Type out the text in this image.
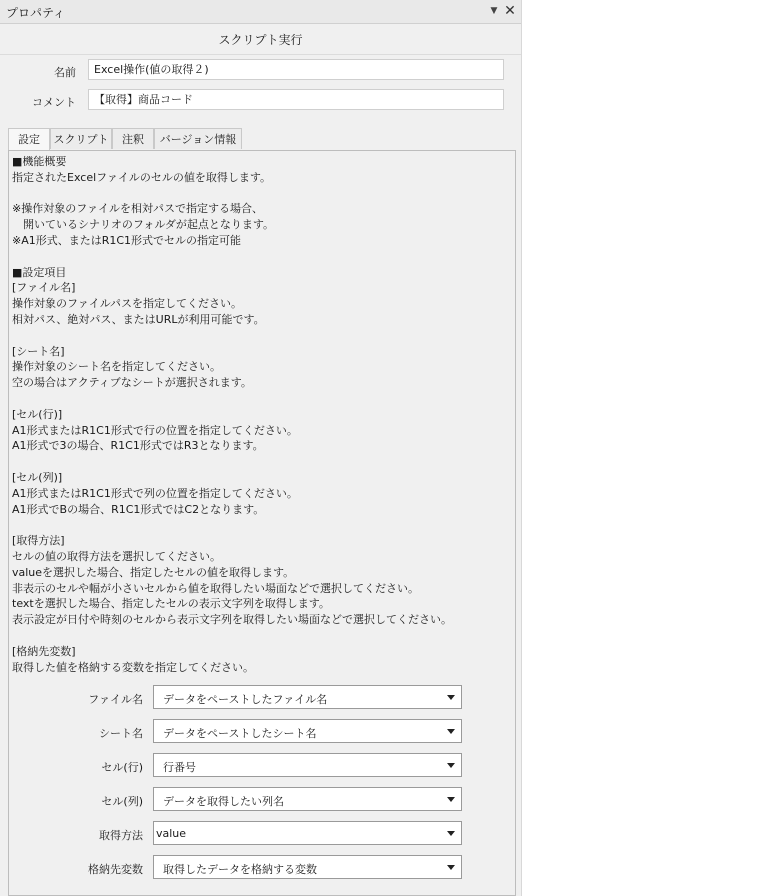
プロパティ	▼ ✕
スクリプト実行
名前	Excel操作(値の取得２)
コメント	【取得】商品コード
設定	スクリプト	注釈	バージョン情報
■機能概要
指定されたExcelファイルのセルの値を取得します。
※操作対象のファイルを相対パスで指定する場合、
　開いているシナリオのフォルダが起点となります。
※A1形式、またはR1C1形式でセルの指定可能
■設定項目
[ファイル名]
操作対象のファイルパスを指定してください。
相対パス、絶対パス、またはURLが利用可能です。
[シート名]
操作対象のシート名を指定してください。
空の場合はアクティブなシートが選択されます。
[セル(行)]
A1形式またはR1C1形式で行の位置を指定してください。
A1形式で3の場合、R1C1形式ではR3となります。
[セル(列)]
A1形式またはR1C1形式で列の位置を指定してください。
A1形式でBの場合、R1C1形式ではC2となります。
[取得方法]
セルの値の取得方法を選択してください。
valueを選択した場合、指定したセルの値を取得します。
非表示のセルや幅が小さいセルから値を取得したい場面などで選択してください。
textを選択した場合、指定したセルの表示文字列を取得します。
表示設定が日付や時刻のセルから表示文字列を取得したい場面などで選択してください。
[格納先変数]
取得した値を格納する変数を指定してください。
ファイル名 データをペーストしたファイル名
シート名 データをペーストしたシート名
セル(行) 行番号
セル(列) データを取得したい列名
取得方法 value
格納先変数 取得したデータを格納する変数
